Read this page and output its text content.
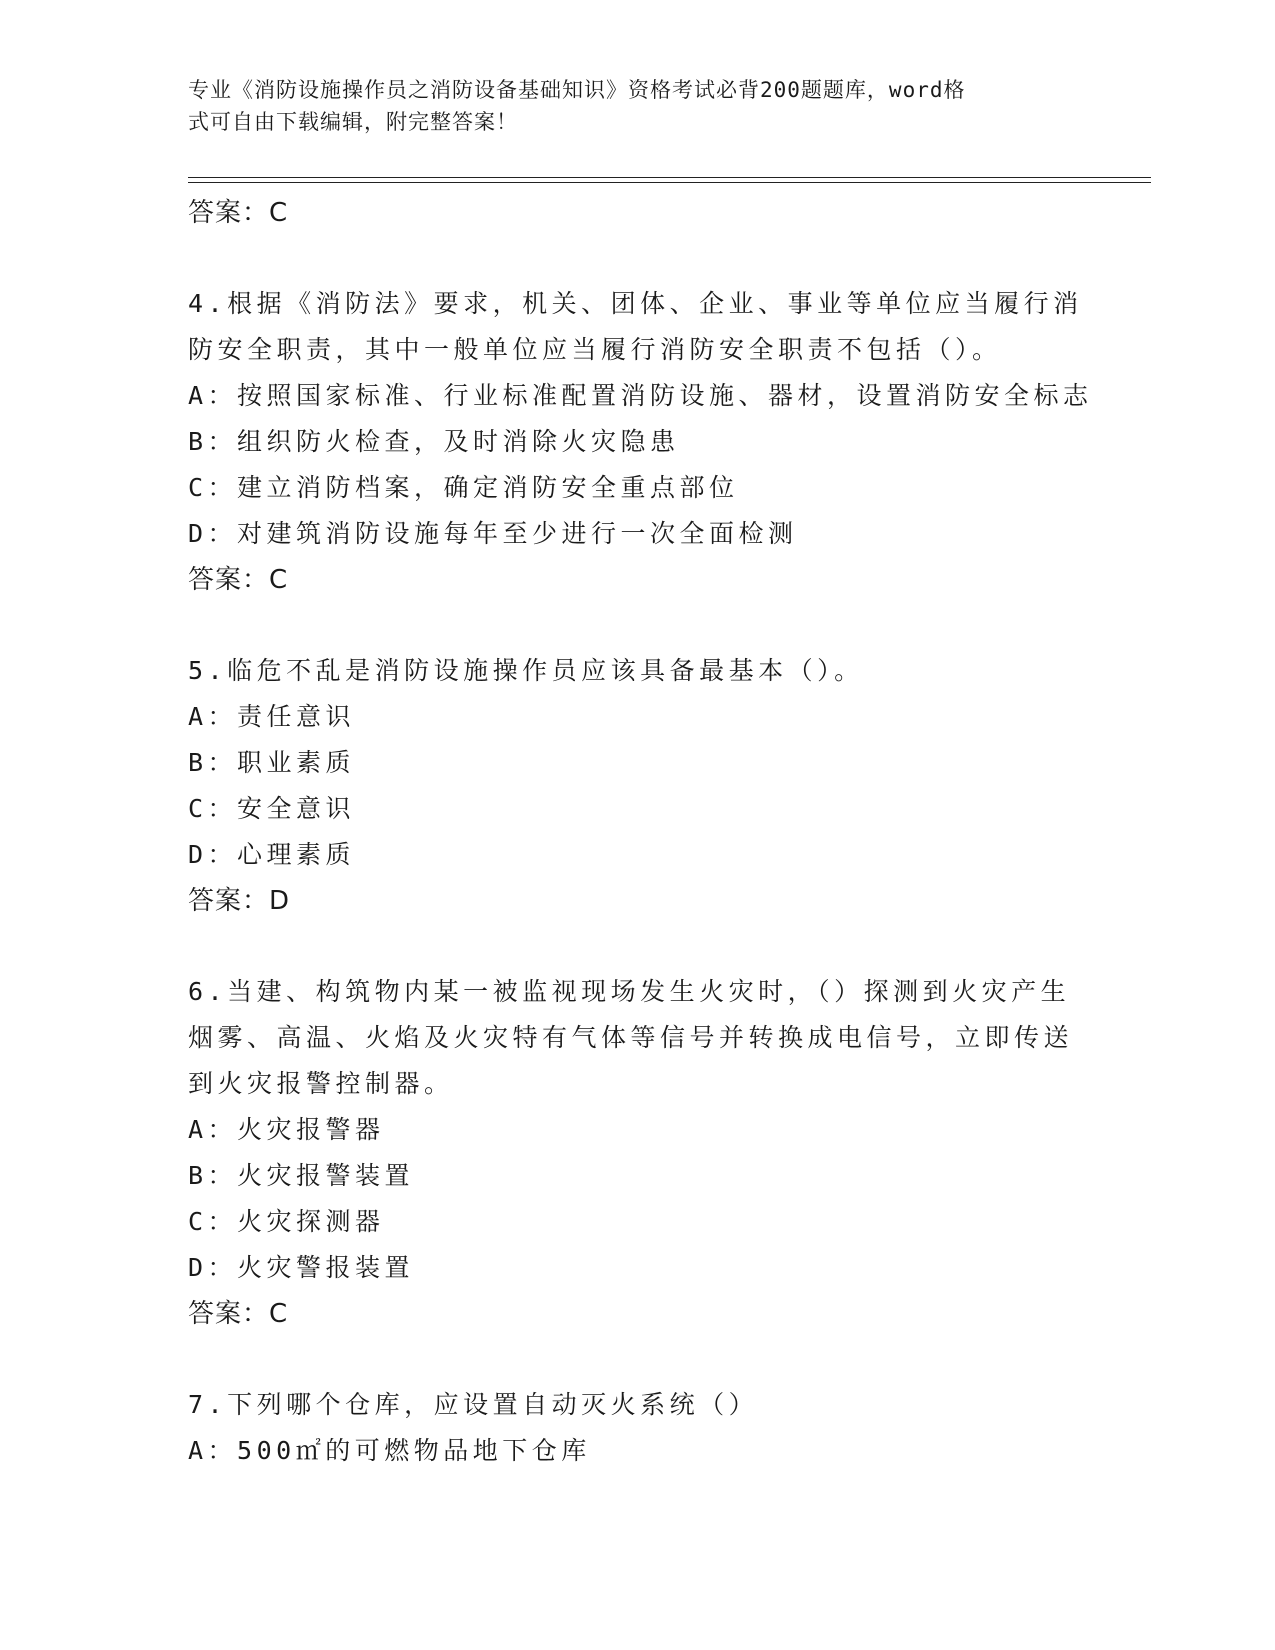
专业《消防设施操作员之消防设备基础知识》资格考试必背200题题库，word格
式可自由下载编辑，附完整答案！
答案：C
4.根据《消防法》要求，机关、团体、企业、事业等单位应当履行消
防安全职责，其中一般单位应当履行消防安全职责不包括（）。
A：按照国家标准、行业标准配置消防设施、器材，设置消防安全标志
B：组织防火检查，及时消除火灾隐患
C：建立消防档案，确定消防安全重点部位
D：对建筑消防设施每年至少进行一次全面检测
答案：C
5.临危不乱是消防设施操作员应该具备最基本（）。
A：责任意识
B：职业素质
C：安全意识
D：心理素质
答案：D
6.当建、构筑物内某一被监视现场发生火灾时，（）探测到火灾产生
烟雾、高温、火焰及火灾特有气体等信号并转换成电信号，立即传送
到火灾报警控制器。
A：火灾报警器
B：火灾报警装置
C：火灾探测器
D：火灾警报装置
答案：C
7.下列哪个仓库，应设置自动灭火系统（）
A：500㎡的可燃物品地下仓库
